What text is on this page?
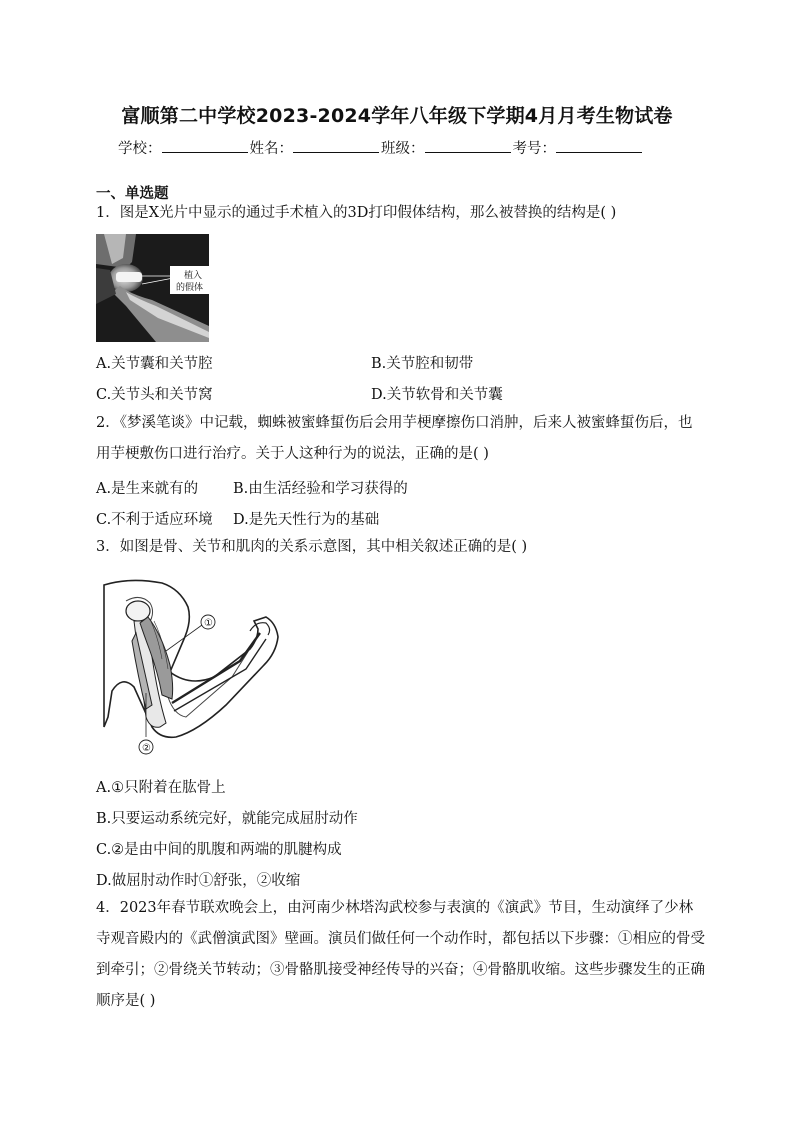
富顺第二中学校2023-2024学年八年级下学期4月月考生物试卷
学校：	姓名：	班级：	考号：
一、单选题
1．图是X光片中显示的通过手术植入的3D打印假体结构，那么被替换的结构是( )
植入
的假体
A.关节囊和关节腔	B.关节腔和韧带
C.关节头和关节窝	D.关节软骨和关节囊
2．《梦溪笔谈》中记载，蜘蛛被蜜蜂蜇伤后会用芋梗摩擦伤口消肿，后来人被蜜蜂蜇伤后，也用芋梗敷伤口进行治疗。关于人这种行为的说法，正确的是( )
A.是生来就有的 B.由生活经验和学习获得的
C.不利于适应环境 D.是先天性行为的基础
3．如图是骨、关节和肌肉的关系示意图，其中相关叙述正确的是( )
①
②
A.①只附着在肱骨上
B.只要运动系统完好，就能完成屈肘动作
C.②是由中间的肌腹和两端的肌腱构成
D.做屈肘动作时①舒张，②收缩
4．2023年春节联欢晚会上，由河南少林塔沟武校参与表演的《演武》节目，生动演绎了少林寺观音殿内的《武僧演武图》壁画。演员们做任何一个动作时，都包括以下步骤：①相应的骨受到牵引；②骨绕关节转动；③骨骼肌接受神经传导的兴奋；④骨骼肌收缩。这些步骤发生的正确顺序是( )
